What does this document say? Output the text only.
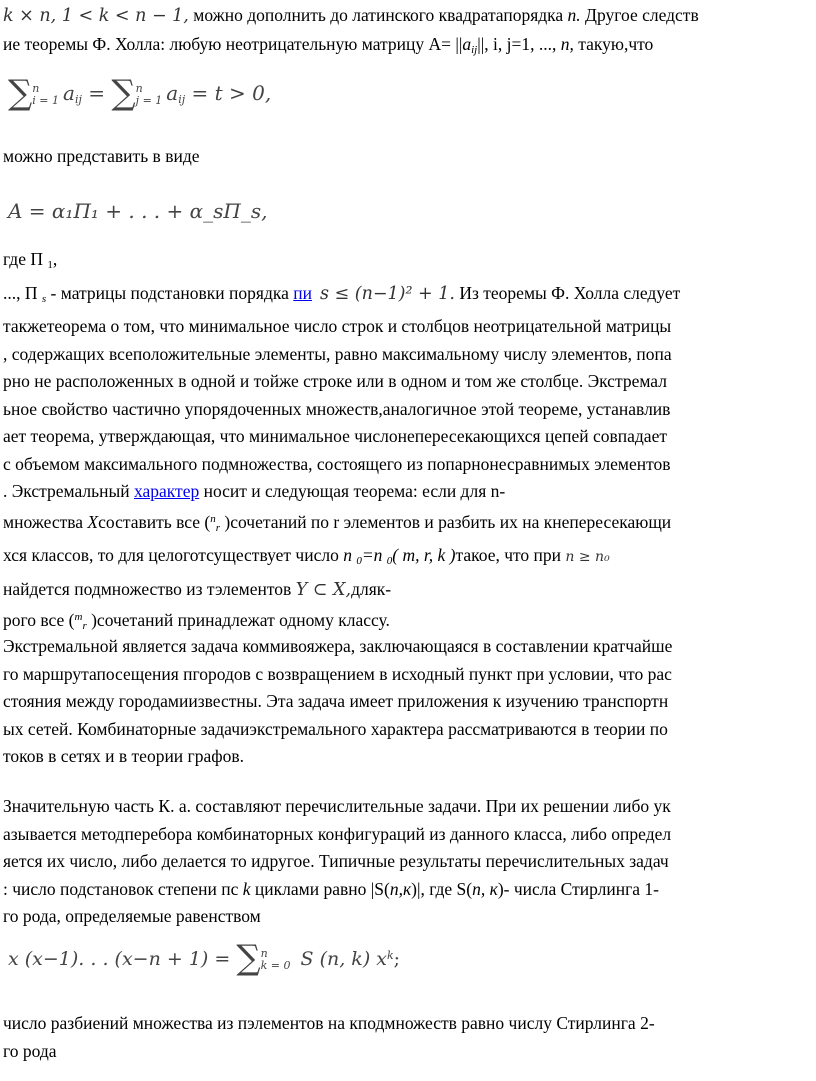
k × n, 1 < k < n − 1, можно дополнить до латинского квадратапорядка n. Другое следств
ие теоремы Ф. Холла: любую неотрицательную матрицу $А= ||a_{ij}||$, i, j=1, ..., n, такую,что

∑ n
i = 1 $a_{ij}$ = ∑ n
j = 1 $a_{ij} = t > 0$,

можно представить в виде

A = α₁Π₁ + . . . + α_sΠ_s,

где П $_1$,
..., П $_s$ - матрицы подстановки порядка пи s ≤ (n−1)² + 1. Из теоремы Ф. Холла следует
такжетеорема о том, что минимальное число строк и столбцов неотрицательной матрицы
, содержащих всеположительные элементы, равно максимальному числу элементов, попа
рно не расположенных в одной и тойже строке или в одном и том же столбце. Экстремал
ьное свойство частично упорядоченных множеств,аналогичное этой теореме, устанавлив
ает теорема, утверждающая, что минимальное числонепересекающихся цепей совпадает
с объемом максимального подмножества, состоящего из попарнонесравнимых элементов
. Экстремальный характер носит и следующая теорема: если для n-
множества Xсоставить все ($^n_r$ )сочетаний по r элементов и разбить их на кнепересекающи
хся классов, то для целоготсуществует число n $_0$=n $_0$( m, r, k )такое, что при n ≥ n₀
найдется подмножество из тэлементов Y ⊂ X,дляк-
рого все ($^m_r$ )сочетаний принадлежат одному классу.

Экстремальной является задача коммивояжера, заключающаяся в составлении кратчайше
го маршрутапосещения пгородов с возвращением в исходный пункт при условии, что рас
стояния между городамиизвестны. Эта задача имеет приложения к изучению транспортн
ых сетей. Комбинаторные задачиэкстремального характера рассматриваются в теории по
токов в сетях и в теории графов.

Значительную часть К. а. составляют перечислительные задачи. При их решении либо ук
азывается методперебора комбинаторных конфигураций из данного класса, либо определ
яется их число, либо делается то идругое. Типичные результаты перечислительных задач
: число подстановок степени пс k циклами равно |S(n,к)|, где S(n, к)- числа Стирлинга 1-
го рода, определяемые равенством

x (x−1). . . (x−n + 1) = ∑ n
k = 0 S (n, k) $x^k$;

число разбиений множества из пэлементов на кподмножеств равно числу Стирлинга 2-
го рода
